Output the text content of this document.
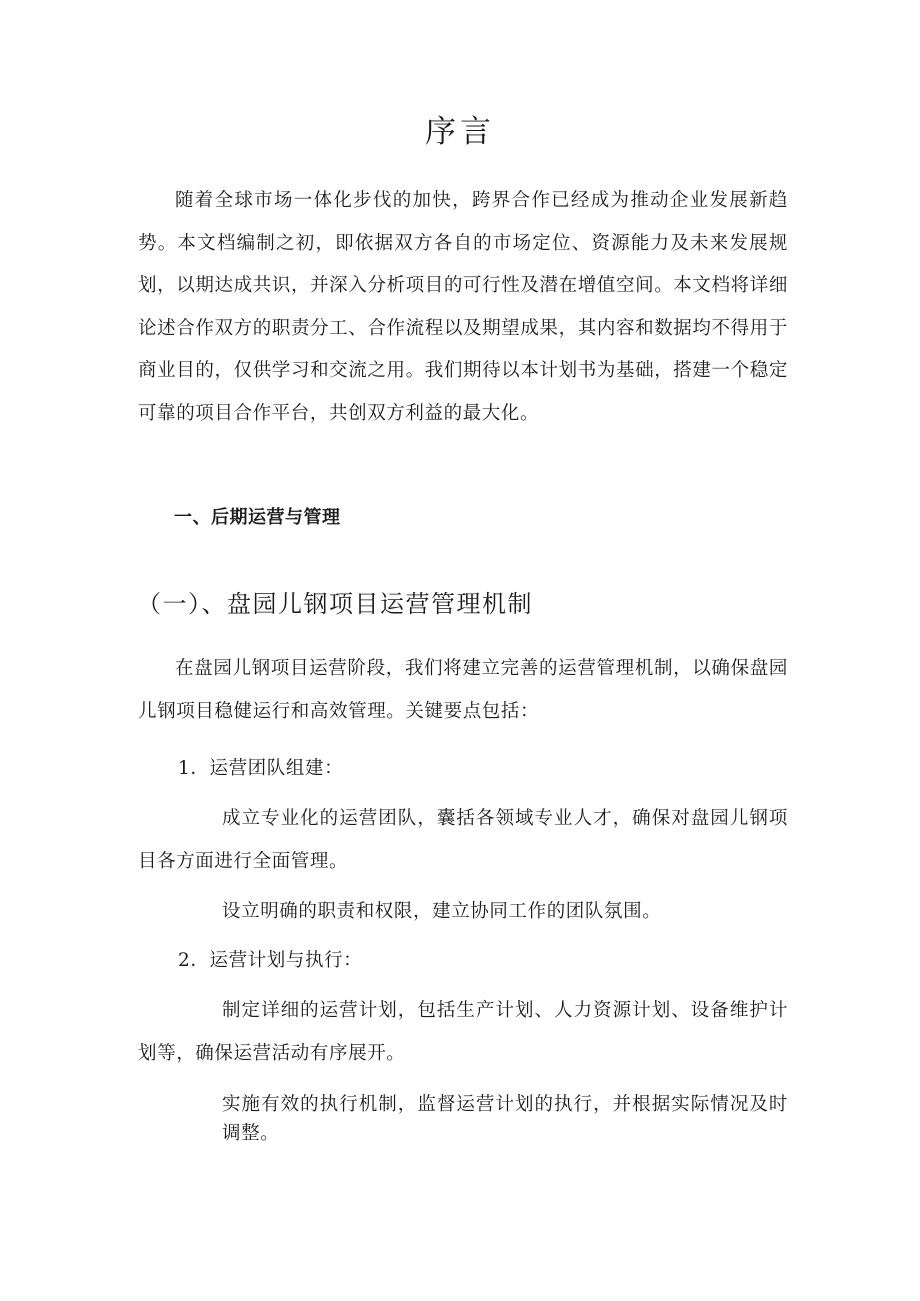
序言

随着全球市场一体化步伐的加快，跨界合作已经成为推动企业发展新趋势。本文档编制之初，即依据双方各自的市场定位、资源能力及未来发展规划，以期达成共识，并深入分析项目的可行性及潜在增值空间。本文档将详细论述合作双方的职责分工、合作流程以及期望成果，其内容和数据均不得用于商业目的，仅供学习和交流之用。我们期待以本计划书为基础，搭建一个稳定可靠的项目合作平台，共创双方利益的最大化。

一、后期运营与管理
（一）、盘园儿钢项目运营管理机制

在盘园儿钢项目运营阶段，我们将建立完善的运营管理机制，以确保盘园儿钢项目稳健运行和高效管理。关键要点包括：

1．运营团队组建：

成立专业化的运营团队，囊括各领域专业人才，确保对盘园儿钢项目各方面进行全面管理。

设立明确的职责和权限，建立协同工作的团队氛围。

2．运营计划与执行：

制定详细的运营计划，包括生产计划、人力资源计划、设备维护计划等，确保运营活动有序展开。

实施有效的执行机制，监督运营计划的执行，并根据实际情况及时调整。
